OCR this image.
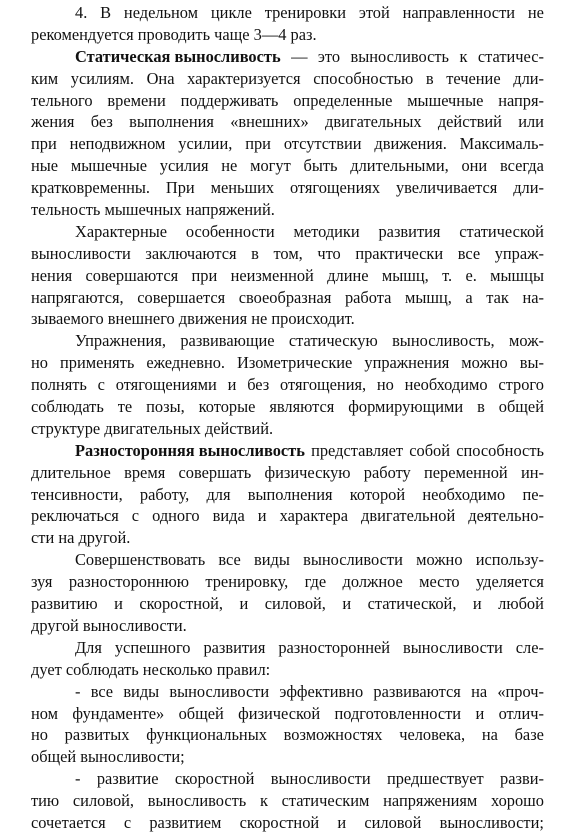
4. В недельном цикле тренировки этой направленности не
рекомендуется проводить чаще 3—4 раз.
Статическая выносливость — это выносливость к статичес-
ким усилиям. Она характеризуется способностью в течение дли-
тельного времени поддерживать определенные мышечные напря-
жения без выполнения «внешних» двигательных действий или
при неподвижном усилии, при отсутствии движения. Максималь-
ные мышечные усилия не могут быть длительными, они всегда
кратковременны. При меньших отягощениях увеличивается дли-
тельность мышечных напряжений.
Характерные особенности методики развития статической
выносливости заключаются в том, что практически все упраж-
нения совершаются при неизменной длине мышц, т. е. мышцы
напрягаются, совершается своеобразная работа мышц, а так на-
зываемого внешнего движения не происходит.
Упражнения, развивающие статическую выносливость, мож-
но применять ежедневно. Изометрические упражнения можно вы-
полнять с отягощениями и без отягощения, но необходимо строго
соблюдать те позы, которые являются формирующими в общей
структуре двигательных действий.
Разносторонняя выносливость представляет собой способность
длительное время совершать физическую работу переменной ин-
тенсивности, работу, для выполнения которой необходимо пе-
реключаться с одного вида и характера двигательной деятельно-
сти на другой.
Совершенствовать все виды выносливости можно использу-
зуя разностороннюю тренировку, где должное место уделяется
развитию и скоростной, и силовой, и статической, и любой
другой выносливости.
Для успешного развития разносторонней выносливости сле-
дует соблюдать несколько правил:
- все виды выносливости эффективно развиваются на «проч-
ном фундаменте» общей физической подготовленности и отлич-
но развитых функциональных возможностях человека, на базе
общей выносливости;
- развитие скоростной выносливости предшествует разви-
тию силовой, выносливость к статическим напряжениям хорошо
сочетается с развитием скоростной и силовой выносливости;
